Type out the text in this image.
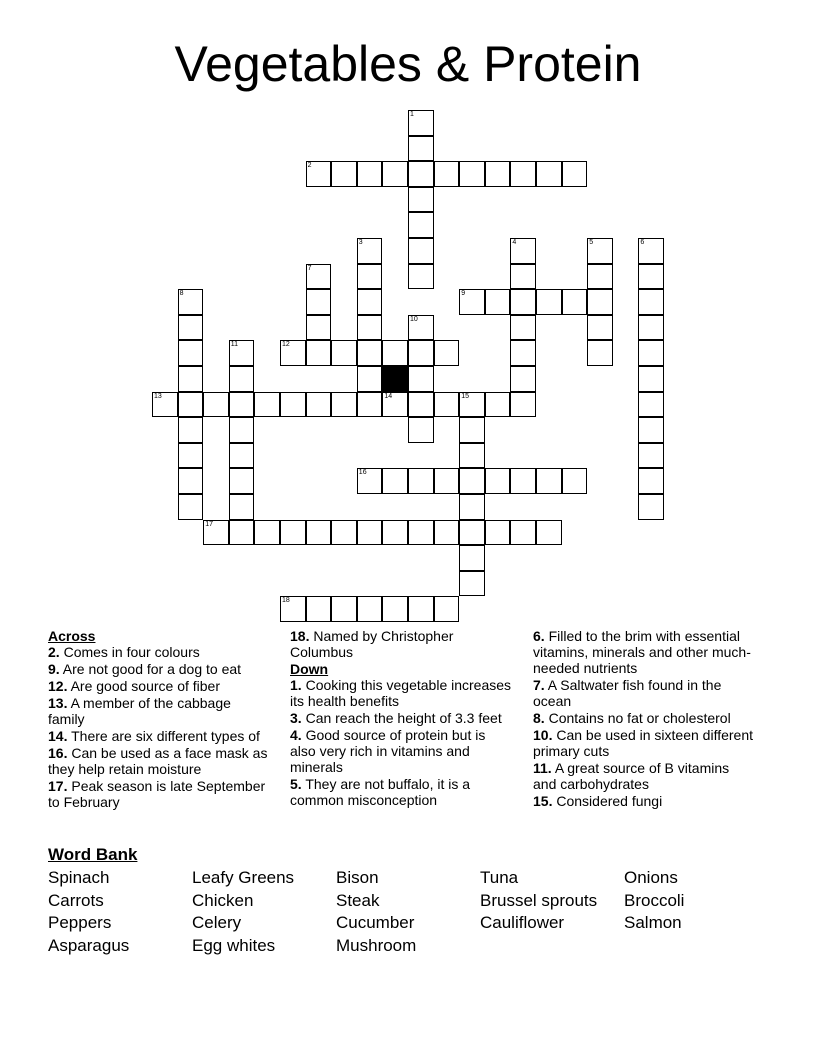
Vegetables & Protein
1
2
3	4	5	6
7
8	9
10
11	12
13	14	15
16
17
18
Across
2. Comes in four colours
9. Are not good for a dog to eat
12. Are good source of fiber
13. A member of the cabbage family
14. There are six different types of
16. Can be used as a face mask as they help retain moisture
17. Peak season is late September to February
18. Named by Christopher Columbus
Down
1. Cooking this vegetable increases its health benefits
3. Can reach the height of 3.3 feet
4. Good source of protein but is also very rich in vitamins and minerals
5. They are not buffalo, it is a common misconception
6. Filled to the brim with essential vitamins, minerals and other much-needed nutrients
7. A Saltwater fish found in the ocean
8. Contains no fat or cholesterol
10. Can be used in sixteen different primary cuts
11. A great source of B vitamins and carbohydrates
15. Considered fungi
Word Bank
Spinach	Leafy Greens	Bison	Tuna	Onions
Carrots	Chicken	Steak	Brussel sprouts	Broccoli
Peppers	Celery	Cucumber	Cauliflower	Salmon
Asparagus	Egg whites	Mushroom
